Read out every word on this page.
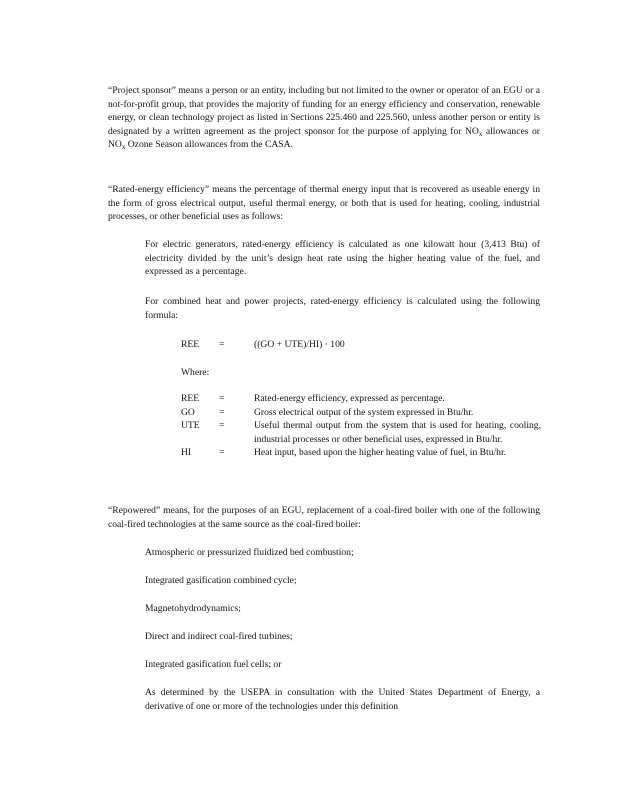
“Project sponsor” means a person or an entity, including but not limited to the owner or operator of an EGU or a not-for-profit group, that provides the majority of funding for an energy efficiency and conservation, renewable energy, or clean technology project as listed in Sections 225.460 and 225.560, unless another person or entity is designated by a written agreement as the project sponsor for the purpose of applying for $NO_x$ allowances or $NO_x$ Ozone Season allowances from the CASA.

“Rated-energy efficiency” means the percentage of thermal energy input that is recovered as useable energy in the form of gross electrical output, useful thermal energy, or both that is used for heating, cooling, industrial processes, or other beneficial uses as follows:

For electric generators, rated-energy efficiency is calculated as one kilowatt hour (3,413 Btu) of electricity divided by the unit’s design heat rate using the higher heating value of the fuel, and expressed as a percentage.

For combined heat and power projects, rated-energy efficiency is calculated using the following formula:

REE	=	((GO + UTE)/HI) · 100
Where:
REE	=	Rated-energy efficiency, expressed as percentage.
GO	=	Gross electrical output of the system expressed in Btu/hr.
UTE	=	Useful thermal output from the system that is used for heating, cooling, industrial processes or other beneficial uses, expressed in Btu/hr.
HI	=	Heat input, based upon the higher heating value of fuel, in Btu/hr.

“Repowered” means, for the purposes of an EGU, replacement of a coal-fired boiler with one of the following coal-fired technologies at the same source as the coal-fired boiler:

Atmospheric or pressurized fluidized bed combustion;

Integrated gasification combined cycle;

Magnetohydrodynamics;

Direct and indirect coal-fired turbines;

Integrated gasification fuel cells; or

As determined by the USEPA in consultation with the United States Department of Energy, a derivative of one or more of the technologies under this definition
